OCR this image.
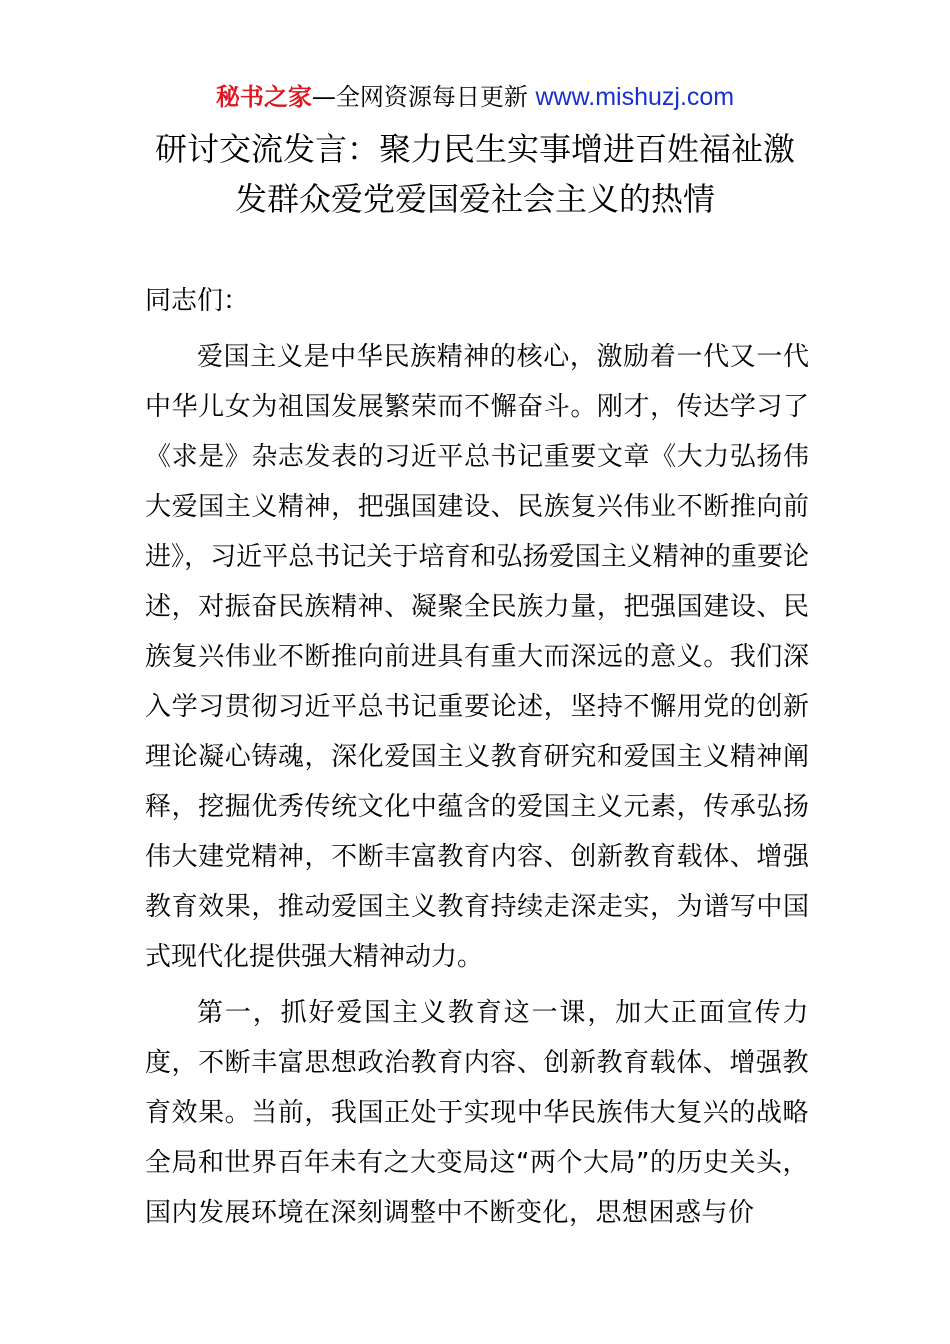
秘书之家—全网资源每日更新 www.mishuzj.com
研讨交流发言：聚力民生实事增进百姓福祉激发群众爱党爱国爱社会主义的热情

同志们：

爱国主义是中华民族精神的核心，激励着一代又一代中华儿女为祖国发展繁荣而不懈奋斗。刚才，传达学习了《求是》杂志发表的习近平总书记重要文章《大力弘扬伟大爱国主义精神，把强国建设、民族复兴伟业不断推向前进》，习近平总书记关于培育和弘扬爱国主义精神的重要论述，对振奋民族精神、凝聚全民族力量，把强国建设、民族复兴伟业不断推向前进具有重大而深远的意义。我们深入学习贯彻习近平总书记重要论述，坚持不懈用党的创新理论凝心铸魂，深化爱国主义教育研究和爱国主义精神阐释，挖掘优秀传统文化中蕴含的爱国主义元素，传承弘扬伟大建党精神，不断丰富教育内容、创新教育载体、增强教育效果，推动爱国主义教育持续走深走实，为谱写中国式现代化提供强大精神动力。

第一，抓好爱国主义教育这一课，加大正面宣传力度，不断丰富思想政治教育内容、创新教育载体、增强教育效果。当前，我国正处于实现中华民族伟大复兴的战略全局和世界百年未有之大变局这“两个大局”的历史关头，国内发展环境在深刻调整中不断变化，思想困惑与价
